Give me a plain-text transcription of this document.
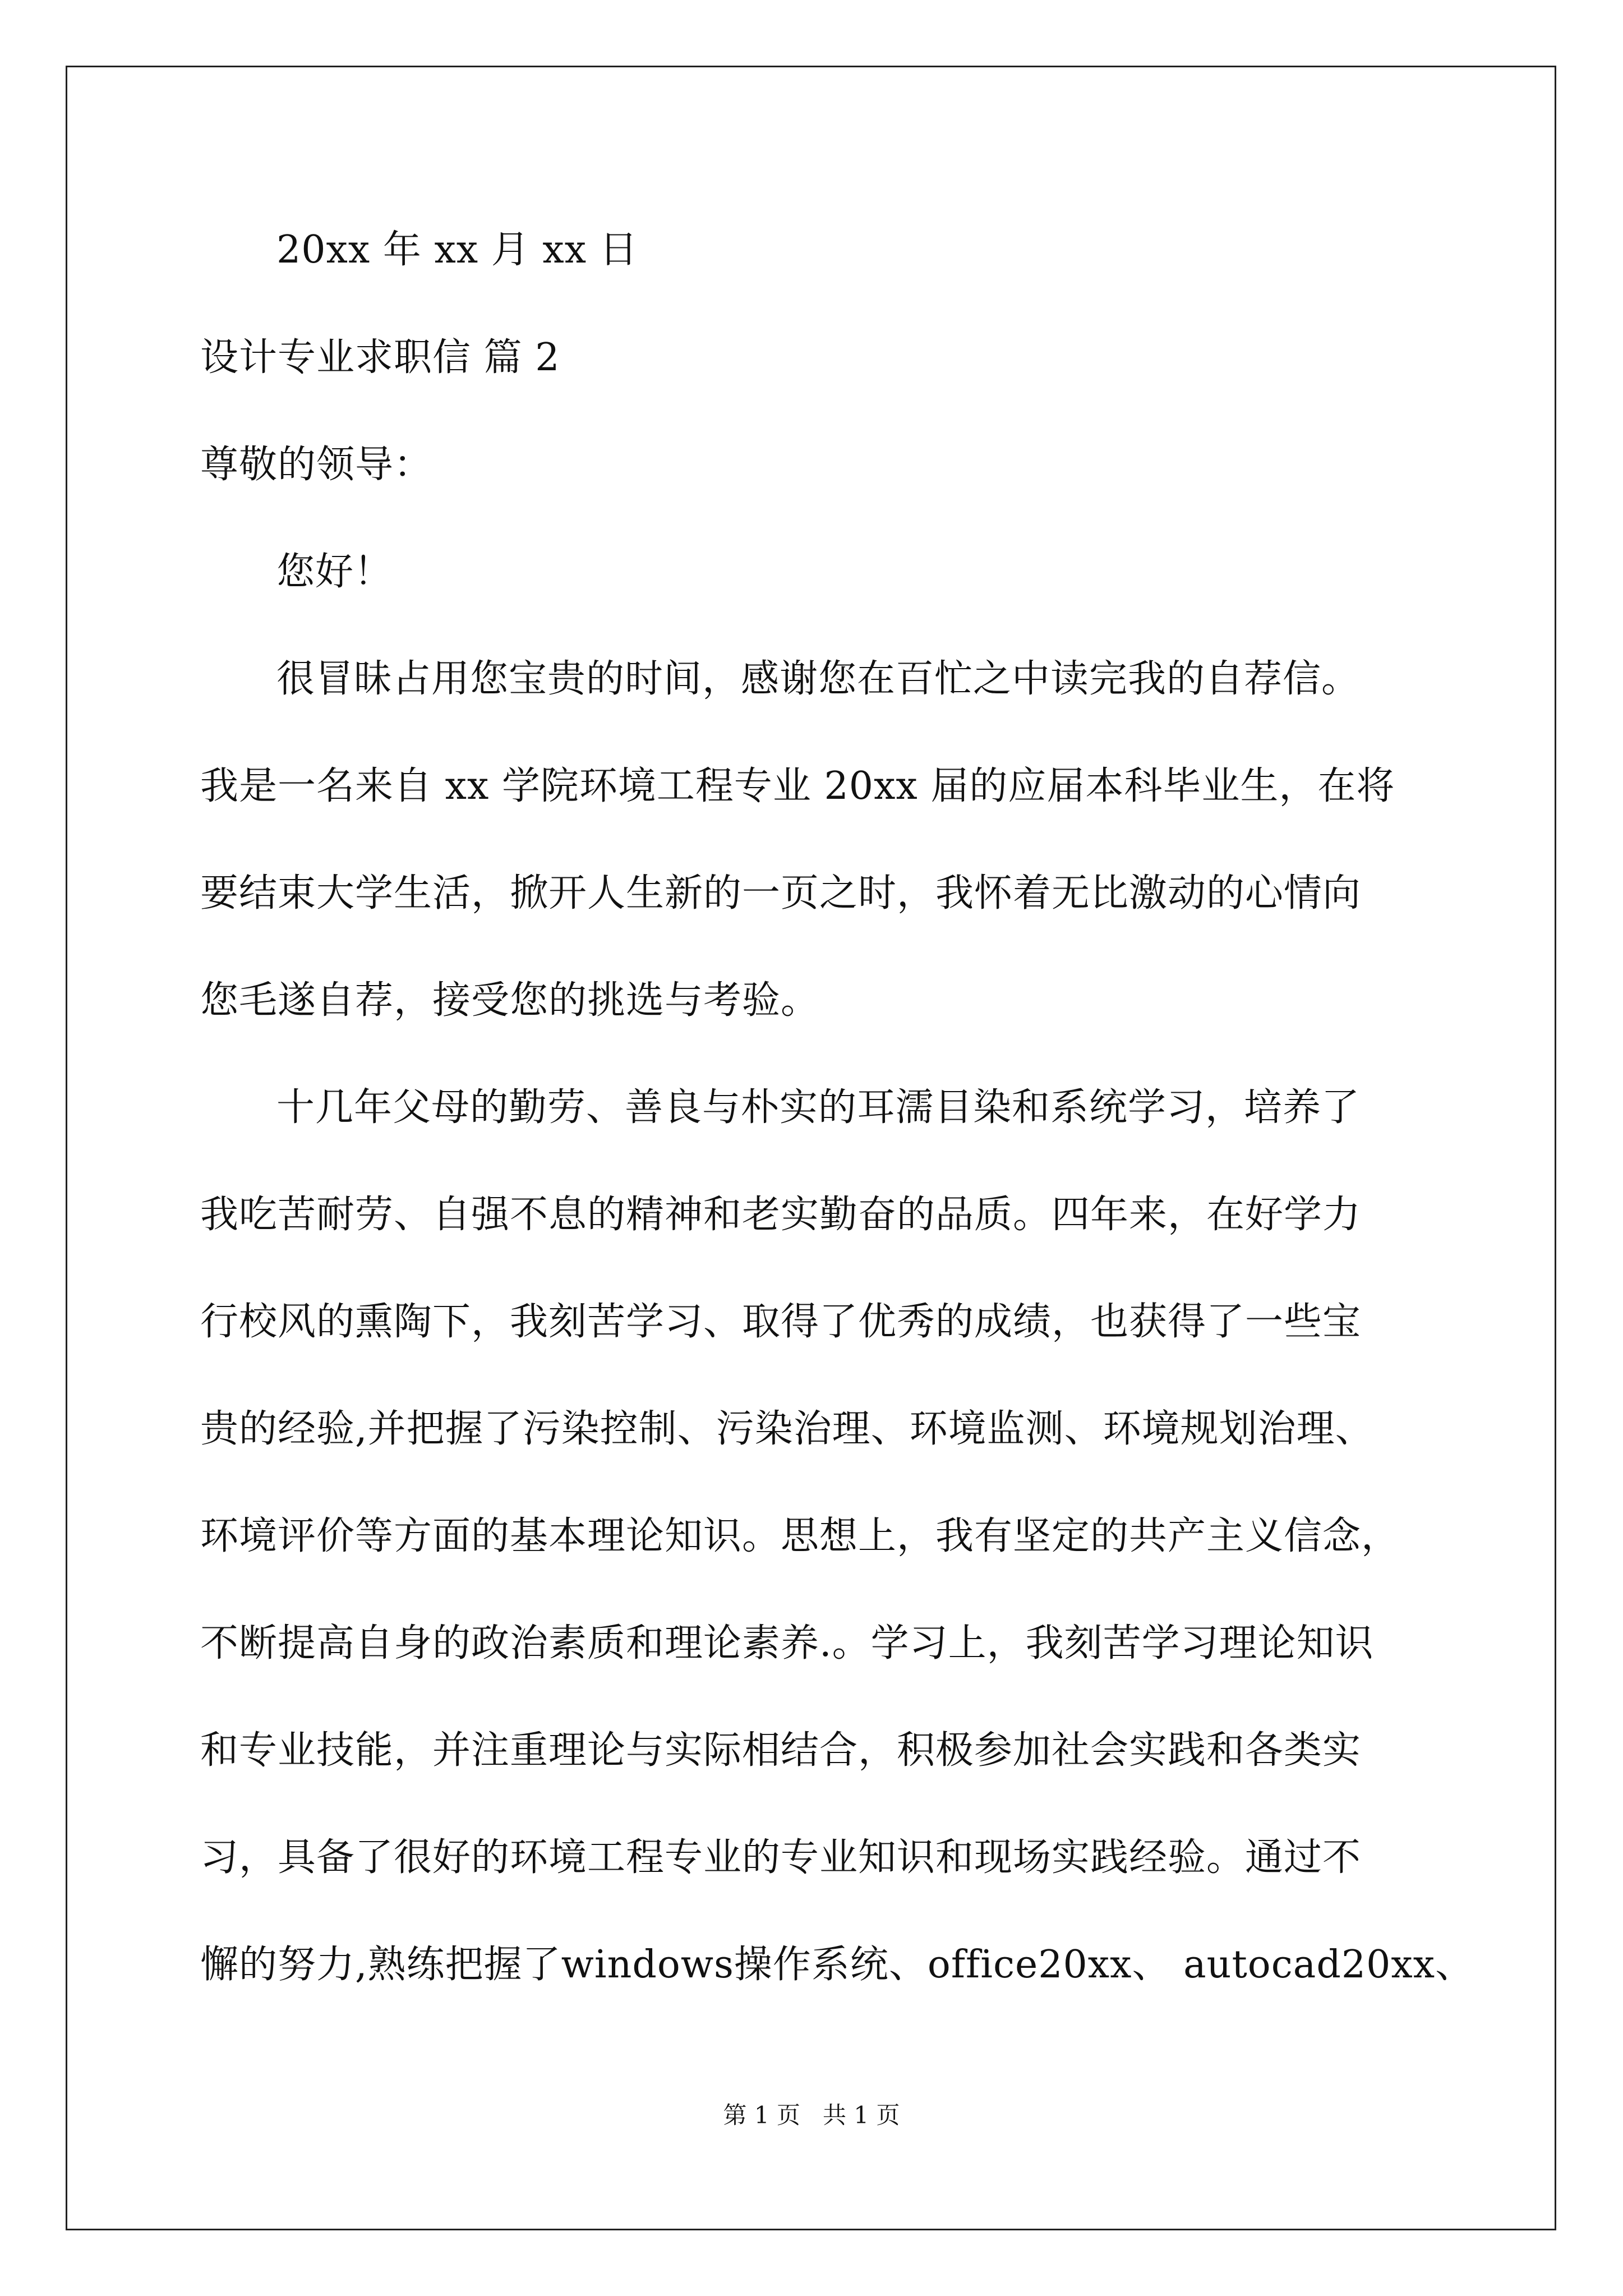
20xx 年 xx 月 xx 日
设计专业求职信 篇 2
尊敬的领导：
您好！
很冒昧占用您宝贵的时间，感谢您在百忙之中读完我的自荐信。
我是一名来自 xx 学院环境工程专业 20xx 届的应届本科毕业生，在将
要结束大学生活，掀开人生新的一页之时，我怀着无比激动的心情向
您毛遂自荐，接受您的挑选与考验。
十几年父母的勤劳、善良与朴实的耳濡目染和系统学习，培养了
我吃苦耐劳、自强不息的精神和老实勤奋的品质。四年来，在好学力
行校风的熏陶下，我刻苦学习、取得了优秀的成绩，也获得了一些宝
贵的经验,并把握了污染控制、污染治理、环境监测、环境规划治理、
环境评价等方面的基本理论知识。思想上，我有坚定的共产主义信念，
不断提高自身的政治素质和理论素养.。学习上，我刻苦学习理论知识
和专业技能，并注重理论与实际相结合，积极参加社会实践和各类实
习，具备了很好的环境工程专业的专业知识和现场实践经验。通过不
懈的努力,熟练把握了windows操作系统、office20xx、 autocad20xx、
第 1 页   共 1 页
